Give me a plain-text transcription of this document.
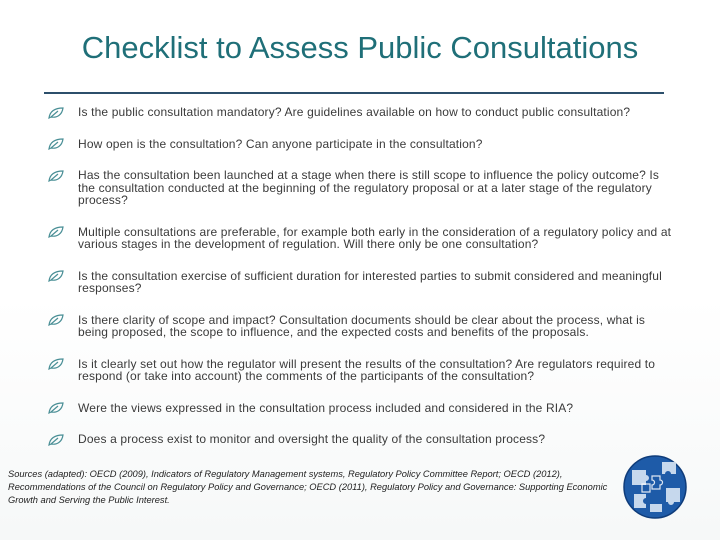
Checklist to Assess Public Consultations
Is the public consultation mandatory? Are guidelines available on how to conduct public consultation?
How open is the consultation? Can anyone participate in the consultation?
Has the consultation been launched at a stage when there is still scope to influence the policy outcome? Is the consultation conducted at the beginning of the regulatory proposal or at a later stage of the regulatory process?
Multiple consultations are preferable, for example both early in the consideration of a regulatory policy and at various stages in the development of regulation. Will there only be one consultation?
Is the consultation exercise of sufficient duration for interested parties to submit considered and meaningful responses?
Is there clarity of scope and impact? Consultation documents should be clear about the process, what is being proposed, the scope to influence, and the expected costs and benefits of the proposals.
Is it clearly set out how the regulator will present the results of the consultation? Are regulators required to respond (or take into account) the comments of the participants of the consultation?
Were the views expressed in the consultation process included and considered in the RIA?
Does a process exist to monitor and oversight the quality of the consultation process?
Sources (adapted): OECD (2009), Indicators of Regulatory Management systems, Regulatory Policy Committee Report; OECD (2012), Recommendations of the Council on Regulatory Policy and Governance; OECD (2011), Regulatory Policy and Governance: Supporting Economic Growth and Serving the Public Interest.
